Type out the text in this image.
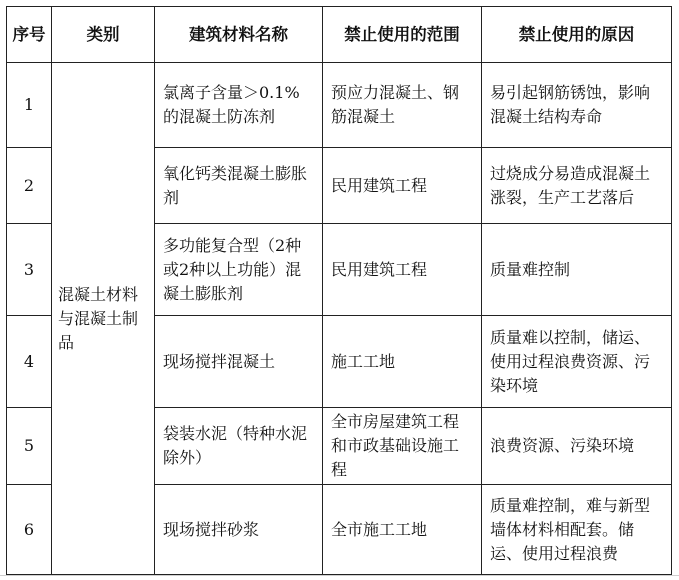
序号	类别	建筑材料名称	禁止使用的范围	禁止使用的原因
1	混凝土材料与混凝土制品	氯离子含量＞0.1%的混凝土防冻剂	预应力混凝土、钢筋混凝土	易引起钢筋锈蚀，影响混凝土结构寿命
2		氧化钙类混凝土膨胀剂	民用建筑工程	过烧成分易造成混凝土涨裂，生产工艺落后
3		多功能复合型（2种或2种以上功能）混凝土膨胀剂	民用建筑工程	质量难控制
4		现场搅拌混凝土	施工工地	质量难以控制，储运、使用过程浪费资源、污染环境
5		袋装水泥（特种水泥除外）	全市房屋建筑工程和市政基础设施工程	浪费资源、污染环境
6		现场搅拌砂浆	全市施工工地	质量难控制，难与新型墙体材料相配套。储运、使用过程浪费
